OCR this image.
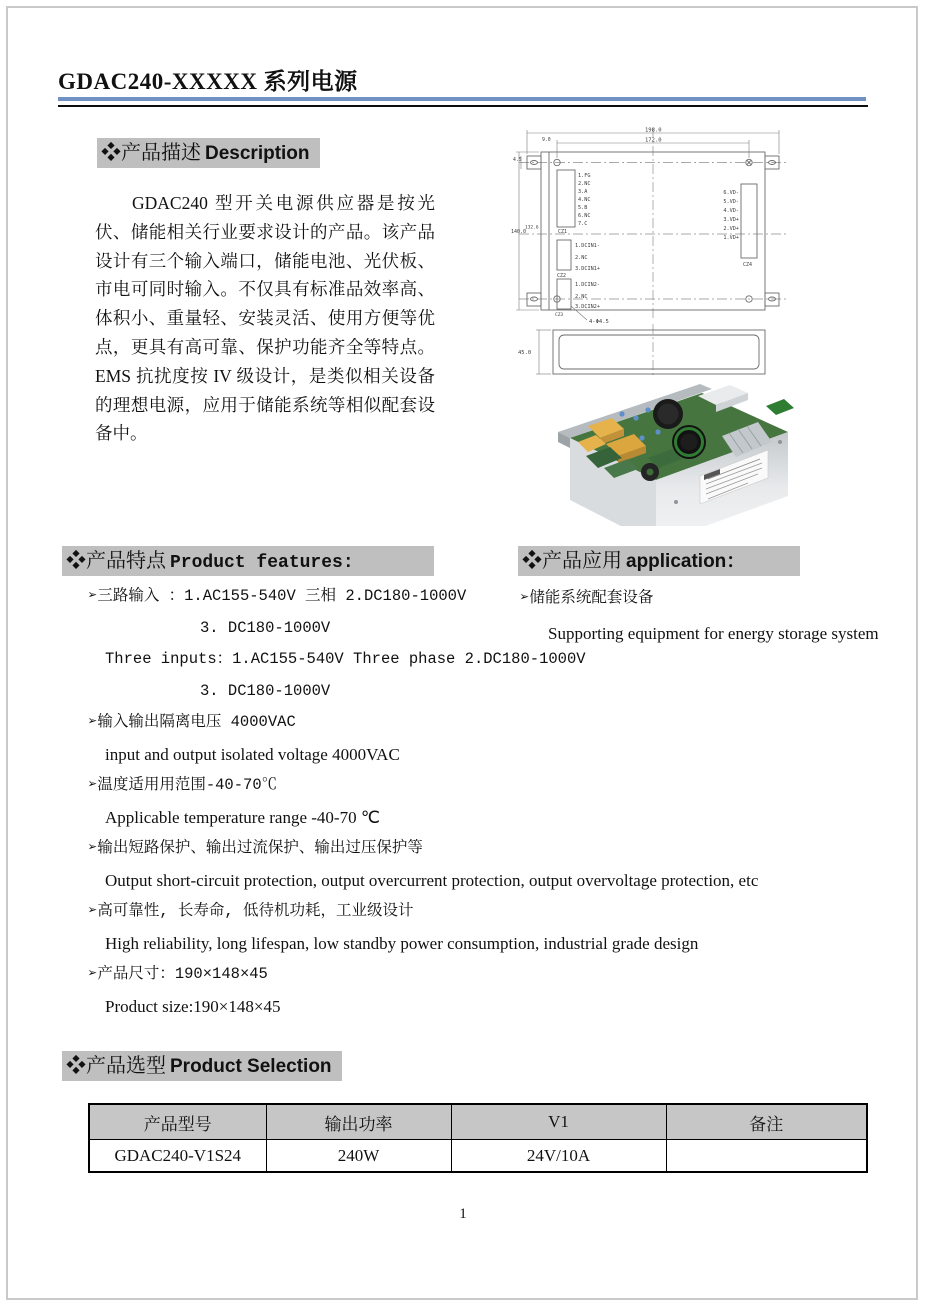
GDAC240-XXXXX 系列电源
❖产品描述 Description
GDAC240 型开关电源供应器是按光伏、储能相关行业要求设计的产品。该产品设计有三个输入端口，储能电池、光伏板、市电可同时输入。不仅具有标准品效率高、体积小、重量轻、安装灵活、使用方便等优点，更具有高可靠、保护功能齐全等特点。EMS 抗扰度按 IV 级设计，是类似相关设备的理想电源，应用于储能系统等相似配套设备中。
198.0
172.0
9.0
4.5
140.0
132.6
4-Φ4.5
45.0
1.FG
2.NC
3.A
4.NC
5.B
6.NC
7.C
CZ1
1.DCIN1-
2.NC
3.DCIN1+
CZ2
1.DCIN2-
2.NC
3.DCIN2+
CZ3
6.VD-
5.VD-
4.VD-
3.VD+
2.VD+
1.VD+
CZ4
❖产品特点 Product features:	❖产品应用 application：
➢三路输入 ：1.AC155-540V 三相 2.DC180-1000V
3. DC180-1000V
Three inputs：1.AC155-540V Three phase 2.DC180-1000V
3. DC180-1000V
➢输入输出隔离电压 4000VAC
input and output isolated voltage 4000VAC
➢温度适用用范围-40-70℃
Applicable temperature range -40-70 ℃
➢输出短路保护、输出过流保护、输出过压保护等
Output short-circuit protection, output overcurrent protection, output overvoltage protection, etc
➢高可靠性, 长寿命, 低待机功耗，工业级设计
High reliability, long lifespan, low standby power consumption, industrial grade design
➢产品尺寸：190×148×45
Product size:190×148×45
➢储能系统配套设备
Supporting equipment for energy storage system
❖产品选型 Product Selection
产品型号	输出功率	V1	备注
GDAC240-V1S24	240W	24V/10A	
1
